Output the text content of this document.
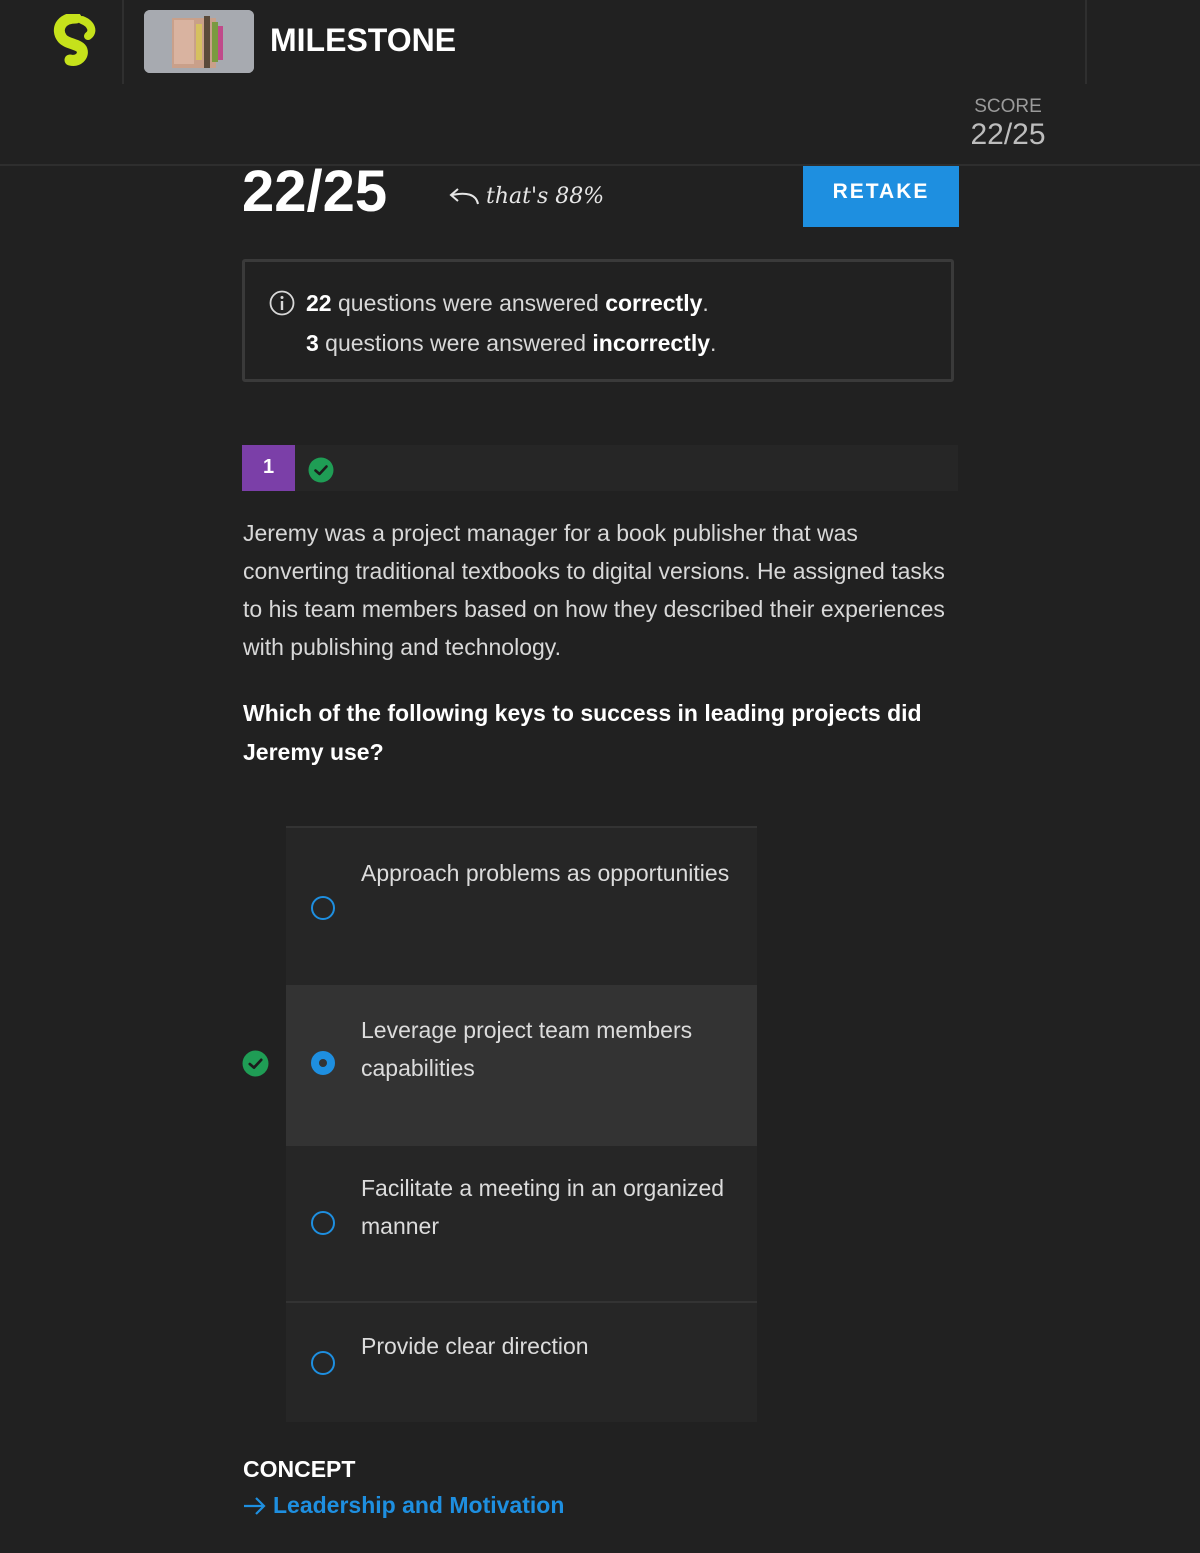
MILESTONE
SCORE
22/25
22/25	that's 88%	RETAKE
22 questions were answered correctly.
3 questions were answered incorrectly.
1
Jeremy was a project manager for a book publisher that was converting traditional textbooks to digital versions. He assigned tasks to his team members based on how they described their experiences with publishing and technology.
Which of the following keys to success in leading projects did Jeremy use?
Approach problems as opportunities
Leverage project team members capabilities
Facilitate a meeting in an organized manner
Provide clear direction
CONCEPT
Leadership and Motivation
